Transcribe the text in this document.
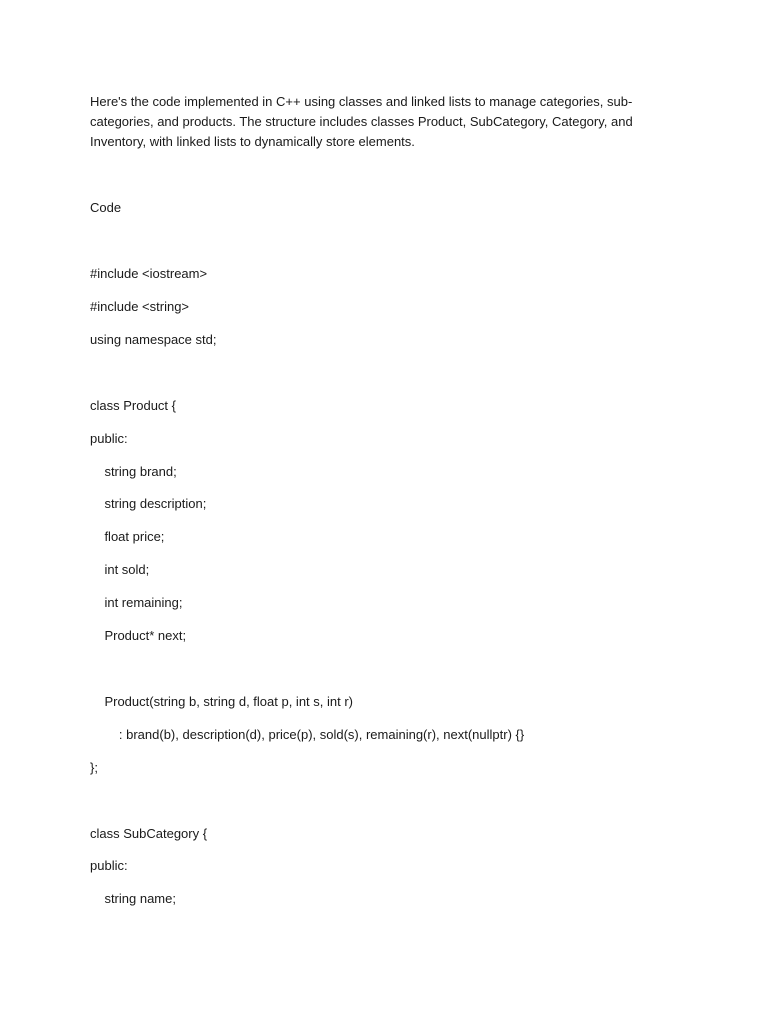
Here's the code implemented in C++ using classes and linked lists to manage categories, sub-categories, and products. The structure includes classes Product, SubCategory, Category, and Inventory, with linked lists to dynamically store elements.

Code

#include <iostream>

#include <string>

using namespace std;

class Product {

public:

string brand;

string description;

float price;

int sold;

int remaining;

Product* next;

Product(string b, string d, float p, int s, int r)

: brand(b), description(d), price(p), sold(s), remaining(r), next(nullptr) {}

};

class SubCategory {

public:

string name;
